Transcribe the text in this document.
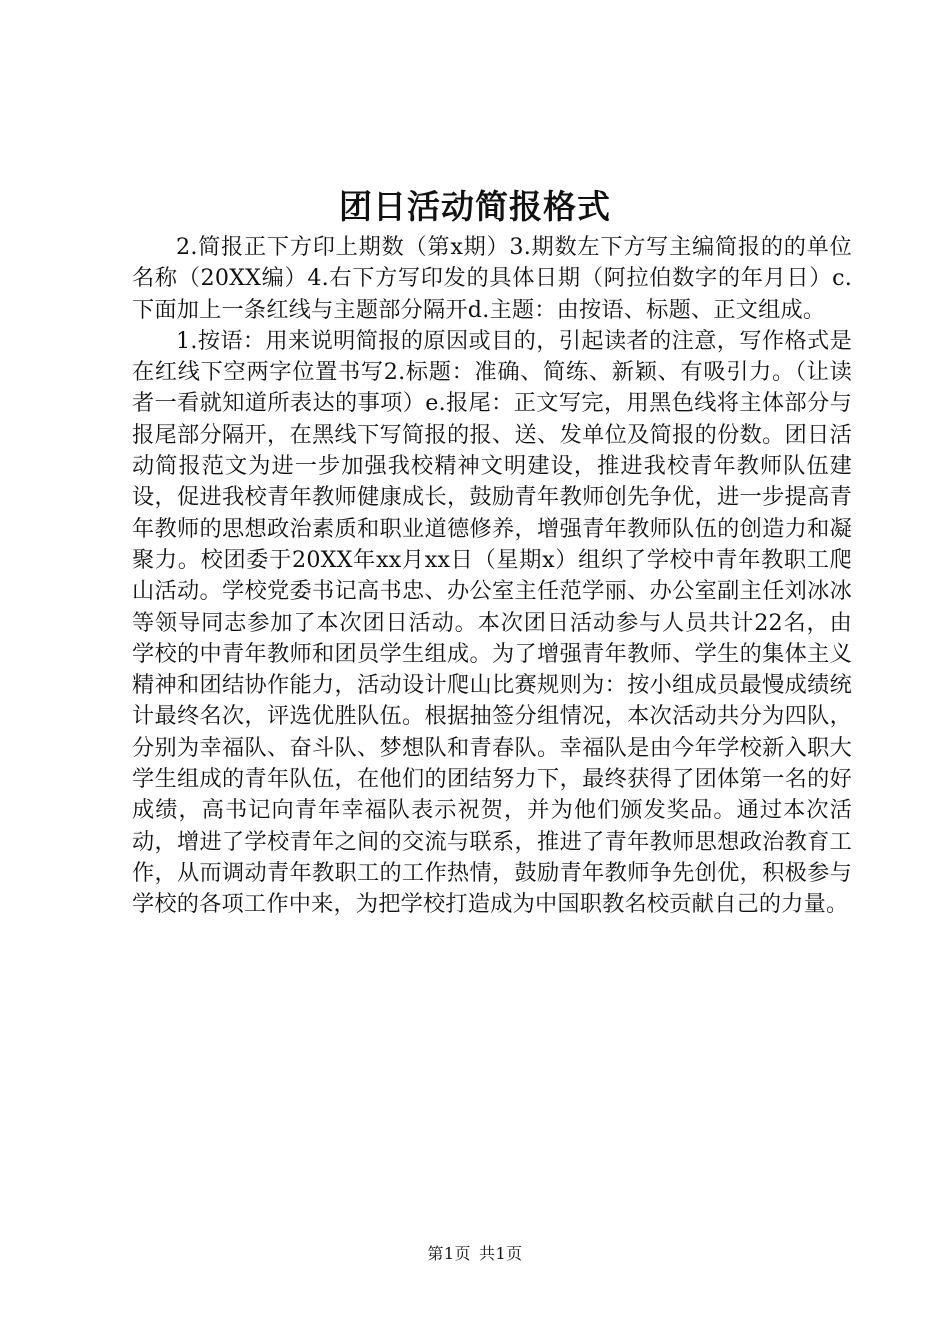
团日活动简报格式

2.简报正下方印上期数（第x期）3.期数左下方写主编简报的的单位名称（20XX编）4.右下方写印发的具体日期（阿拉伯数字的年月日）c.下面加上一条红线与主题部分隔开d.主题：由按语、标题、正文组成。

1.按语：用来说明简报的原因或目的，引起读者的注意，写作格式是在红线下空两字位置书写2.标题：准确、简练、新颖、有吸引力。（让读者一看就知道所表达的事项）e.报尾：正文写完，用黑色线将主体部分与报尾部分隔开，在黑线下写简报的报、送、发单位及简报的份数。团日活动简报范文为进一步加强我校精神文明建设，推进我校青年教师队伍建设，促进我校青年教师健康成长，鼓励青年教师创先争优，进一步提高青年教师的思想政治素质和职业道德修养，增强青年教师队伍的创造力和凝聚力。校团委于20XX年xx月xx日（星期x）组织了学校中青年教职工爬山活动。学校党委书记高书忠、办公室主任范学丽、办公室副主任刘冰冰等领导同志参加了本次团日活动。本次团日活动参与人员共计22名，由学校的中青年教师和团员学生组成。为了增强青年教师、学生的集体主义精神和团结协作能力，活动设计爬山比赛规则为：按小组成员最慢成绩统计最终名次，评选优胜队伍。根据抽签分组情况，本次活动共分为四队，分别为幸福队、奋斗队、梦想队和青春队。幸福队是由今年学校新入职大学生组成的青年队伍，在他们的团结努力下，最终获得了团体第一名的好成绩，高书记向青年幸福队表示祝贺，并为他们颁发奖品。通过本次活动，增进了学校青年之间的交流与联系，推进了青年教师思想政治教育工作，从而调动青年教职工的工作热情，鼓励青年教师争先创优，积极参与学校的各项工作中来，为把学校打造成为中国职教名校贡献自己的力量。

第1页 共1页
